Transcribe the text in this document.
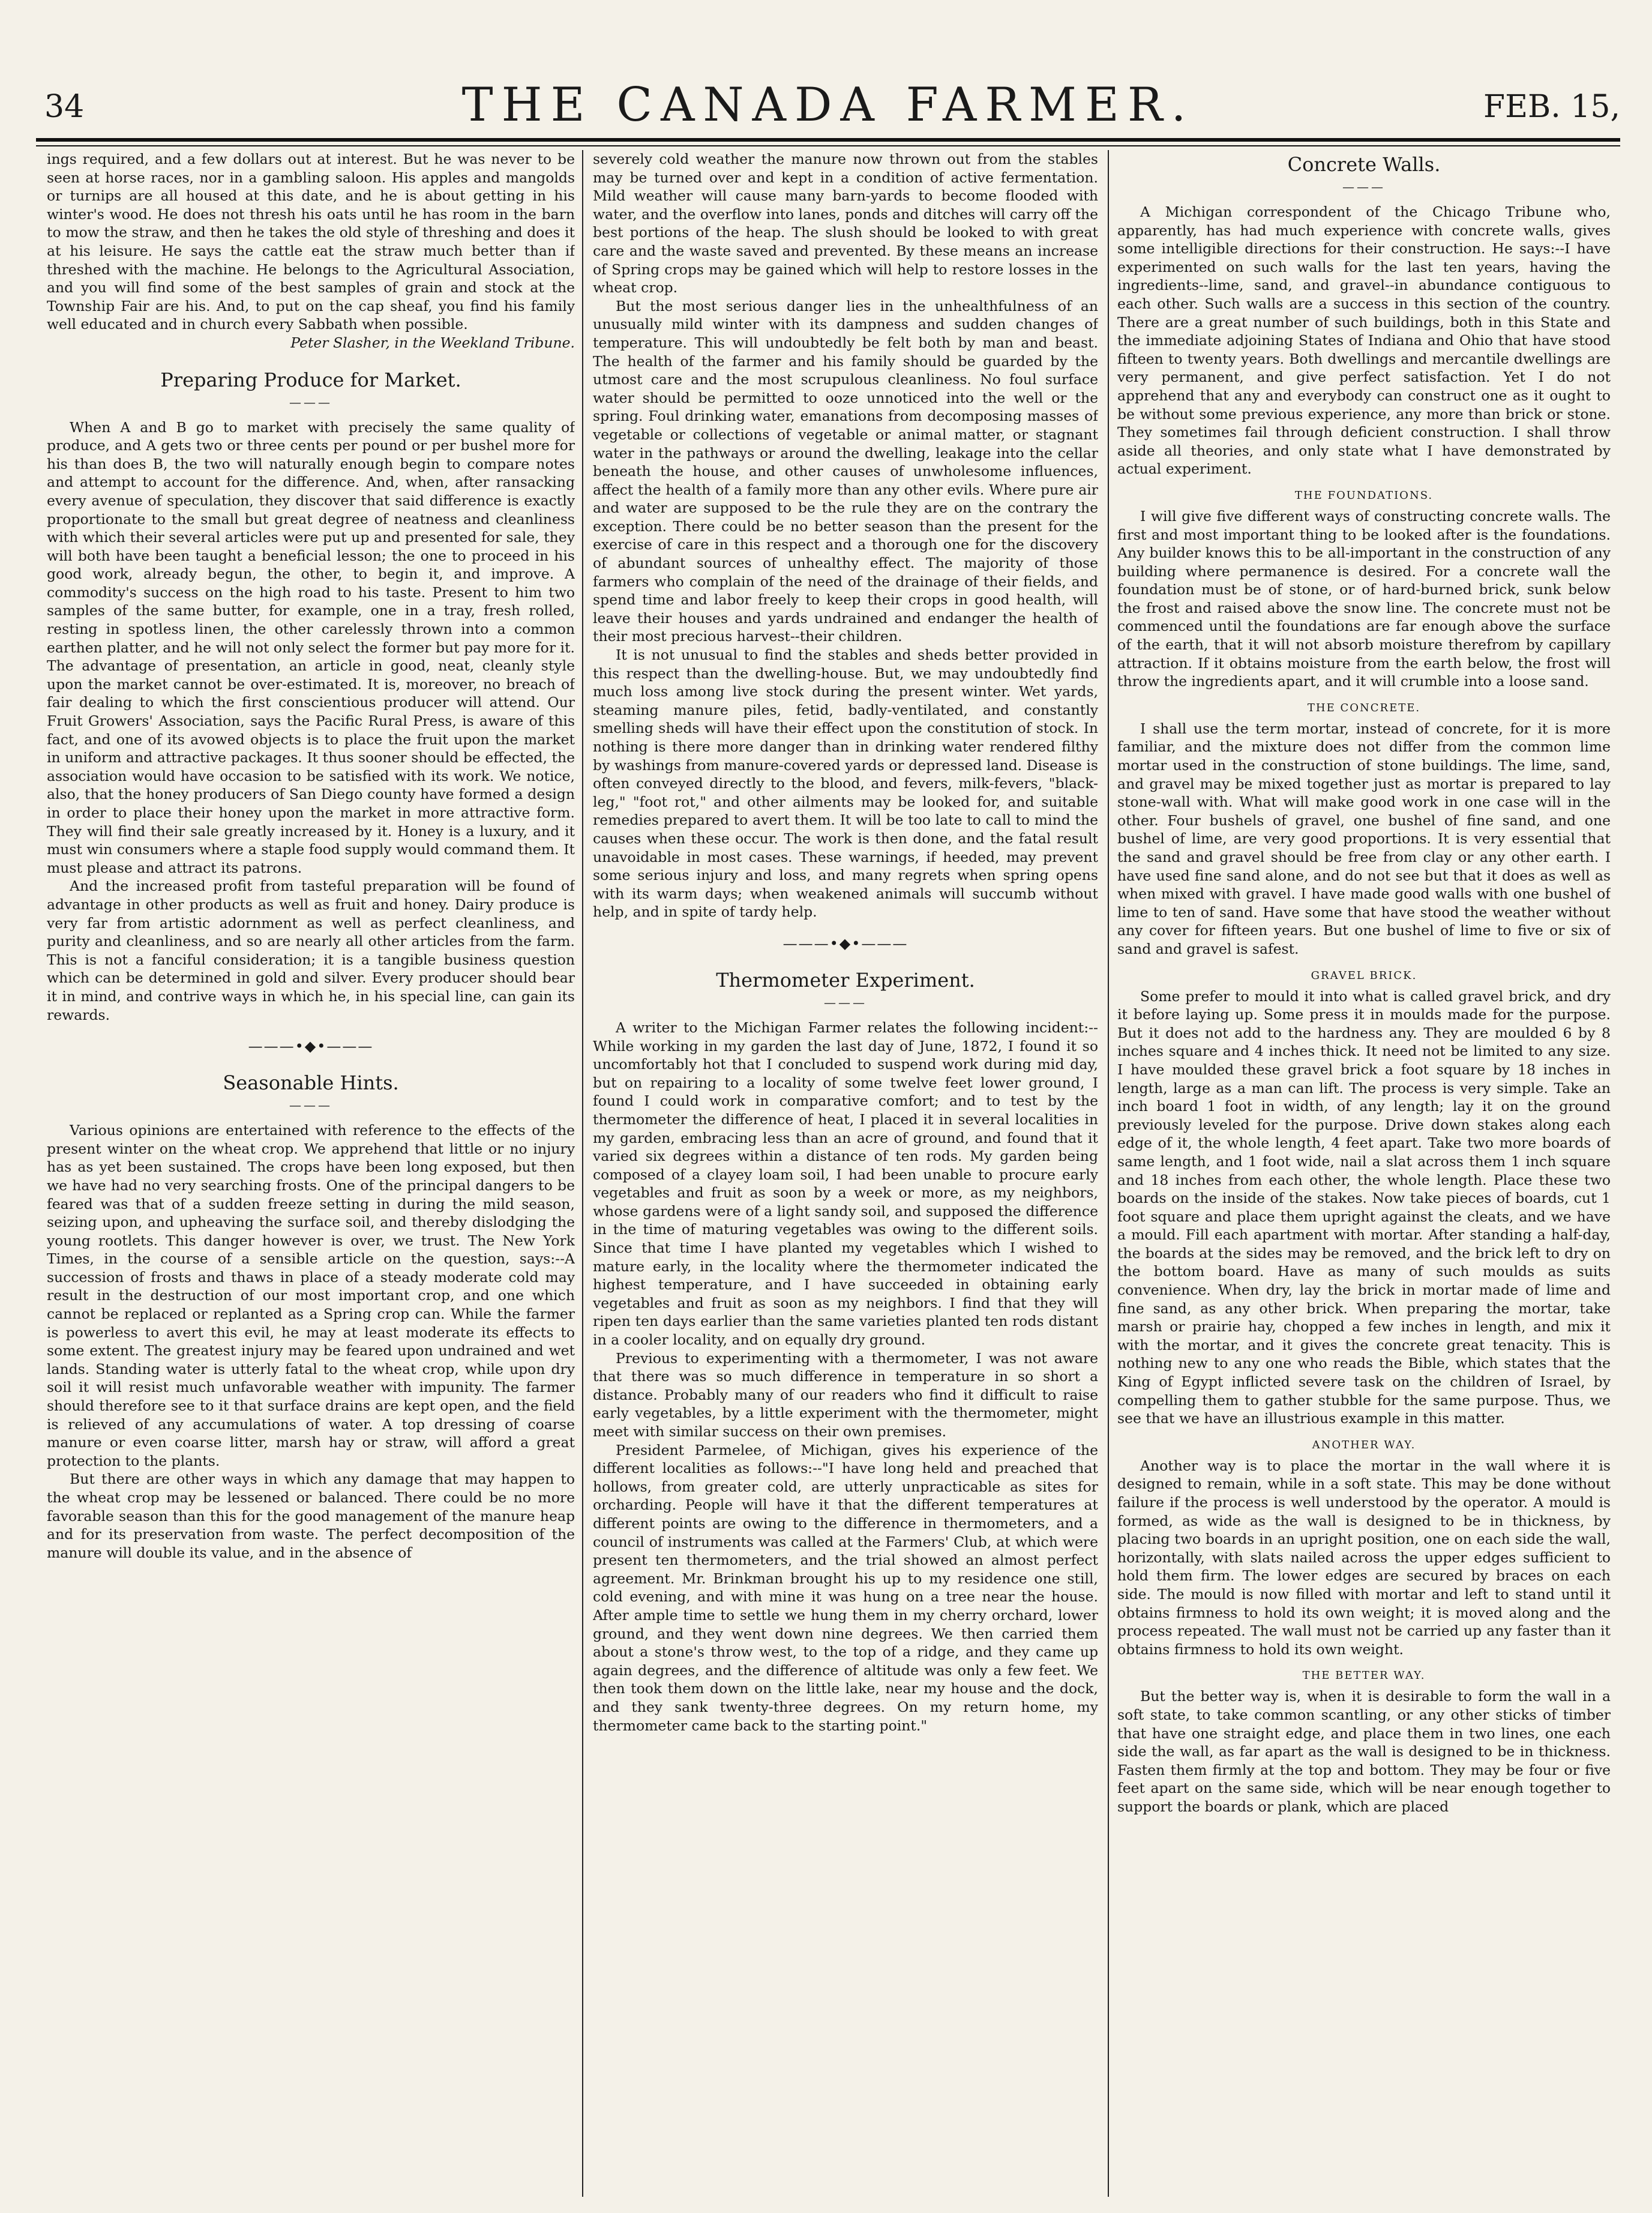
34	THE CANADA FARMER.	FEB. 15,

ings required, and a few dollars out at interest. But he was never to be seen at horse races, nor in a gambling saloon. His apples and mangolds or turnips are all housed at this date, and he is about getting in his winter's wood. He does not thresh his oats until he has room in the barn to mow the straw, and then he takes the old style of threshing and does it at his leisure. He says the cattle eat the straw much better than if threshed with the machine. He belongs to the Agricultural Association, and you will find some of the best samples of grain and stock at the Township Fair are his. And, to put on the cap sheaf, you find his family well educated and in church every Sabbath when possible.

Peter Slasher, in the Weekland Tribune.

Preparing Produce for Market.
———

When A and B go to market with precisely the same quality of produce, and A gets two or three cents per pound or per bushel more for his than does B, the two will naturally enough begin to compare notes and attempt to account for the difference. And, when, after ransacking every avenue of speculation, they discover that said difference is exactly proportionate to the small but great degree of neatness and cleanliness with which their several articles were put up and presented for sale, they will both have been taught a beneficial lesson; the one to proceed in his good work, already begun, the other, to begin it, and improve. A commodity's success on the high road to his taste. Present to him two samples of the same butter, for example, one in a tray, fresh rolled, resting in spotless linen, the other carelessly thrown into a common earthen platter, and he will not only select the former but pay more for it. The advantage of presentation, an article in good, neat, cleanly style upon the market cannot be over-estimated. It is, moreover, no breach of fair dealing to which the first conscientious producer will attend. Our Fruit Growers' Association, says the Pacific Rural Press, is aware of this fact, and one of its avowed objects is to place the fruit upon the market in uniform and attractive packages. It thus sooner should be effected, the association would have occasion to be satisfied with its work. We notice, also, that the honey producers of San Diego county have formed a design in order to place their honey upon the market in more attractive form. They will find their sale greatly increased by it. Honey is a luxury, and it must win consumers where a staple food supply would command them. It must please and attract its patrons.

And the increased profit from tasteful preparation will be found of advantage in other products as well as fruit and honey. Dairy produce is very far from artistic adornment as well as perfect cleanliness, and purity and cleanliness, and so are nearly all other articles from the farm. This is not a fanciful consideration; it is a tangible business question which can be determined in gold and silver. Every producer should bear it in mind, and contrive ways in which he, in his special line, can gain its rewards.

———•◆•———
Seasonable Hints.
———

Various opinions are entertained with reference to the effects of the present winter on the wheat crop. We apprehend that little or no injury has as yet been sustained. The crops have been long exposed, but then we have had no very searching frosts. One of the principal dangers to be feared was that of a sudden freeze setting in during the mild season, seizing upon, and upheaving the surface soil, and thereby dislodging the young rootlets. This danger however is over, we trust. The New York Times, in the course of a sensible article on the question, says:--A succession of frosts and thaws in place of a steady moderate cold may result in the destruction of our most important crop, and one which cannot be replaced or replanted as a Spring crop can. While the farmer is powerless to avert this evil, he may at least moderate its effects to some extent. The greatest injury may be feared upon undrained and wet lands. Standing water is utterly fatal to the wheat crop, while upon dry soil it will resist much unfavorable weather with impunity. The farmer should therefore see to it that surface drains are kept open, and the field is relieved of any accumulations of water. A top dressing of coarse manure or even coarse litter, marsh hay or straw, will afford a great protection to the plants.

But there are other ways in which any damage that may happen to the wheat crop may be lessened or balanced. There could be no more favorable season than this for the good management of the manure heap and for its preservation from waste. The perfect decomposition of the manure will double its value, and in the absence of

severely cold weather the manure now thrown out from the stables may be turned over and kept in a condition of active fermentation. Mild weather will cause many barn-yards to become flooded with water, and the overflow into lanes, ponds and ditches will carry off the best portions of the heap. The slush should be looked to with great care and the waste saved and prevented. By these means an increase of Spring crops may be gained which will help to restore losses in the wheat crop.

But the most serious danger lies in the unhealthfulness of an unusually mild winter with its dampness and sudden changes of temperature. This will undoubtedly be felt both by man and beast. The health of the farmer and his family should be guarded by the utmost care and the most scrupulous cleanliness. No foul surface water should be permitted to ooze unnoticed into the well or the spring. Foul drinking water, emanations from decomposing masses of vegetable or collections of vegetable or animal matter, or stagnant water in the pathways or around the dwelling, leakage into the cellar beneath the house, and other causes of unwholesome influences, affect the health of a family more than any other evils. Where pure air and water are supposed to be the rule they are on the contrary the exception. There could be no better season than the present for the exercise of care in this respect and a thorough one for the discovery of abundant sources of unhealthy effect. The majority of those farmers who complain of the need of the drainage of their fields, and spend time and labor freely to keep their crops in good health, will leave their houses and yards undrained and endanger the health of their most precious harvest--their children.

It is not unusual to find the stables and sheds better provided in this respect than the dwelling-house. But, we may undoubtedly find much loss among live stock during the present winter. Wet yards, steaming manure piles, fetid, badly-ventilated, and constantly smelling sheds will have their effect upon the constitution of stock. In nothing is there more danger than in drinking water rendered filthy by washings from manure-covered yards or depressed land. Disease is often conveyed directly to the blood, and fevers, milk-fevers, "black-leg," "foot rot," and other ailments may be looked for, and suitable remedies prepared to avert them. It will be too late to call to mind the causes when these occur. The work is then done, and the fatal result unavoidable in most cases. These warnings, if heeded, may prevent some serious injury and loss, and many regrets when spring opens with its warm days; when weakened animals will succumb without help, and in spite of tardy help.

———•◆•———
Thermometer Experiment.
———

A writer to the Michigan Farmer relates the following incident:--While working in my garden the last day of June, 1872, I found it so uncomfortably hot that I concluded to suspend work during mid day, but on repairing to a locality of some twelve feet lower ground, I found I could work in comparative comfort; and to test by the thermometer the difference of heat, I placed it in several localities in my garden, embracing less than an acre of ground, and found that it varied six degrees within a distance of ten rods. My garden being composed of a clayey loam soil, I had been unable to procure early vegetables and fruit as soon by a week or more, as my neighbors, whose gardens were of a light sandy soil, and supposed the difference in the time of maturing vegetables was owing to the different soils. Since that time I have planted my vegetables which I wished to mature early, in the locality where the thermometer indicated the highest temperature, and I have succeeded in obtaining early vegetables and fruit as soon as my neighbors. I find that they will ripen ten days earlier than the same varieties planted ten rods distant in a cooler locality, and on equally dry ground.

Previous to experimenting with a thermometer, I was not aware that there was so much difference in temperature in so short a distance. Probably many of our readers who find it difficult to raise early vegetables, by a little experiment with the thermometer, might meet with similar success on their own premises.

President Parmelee, of Michigan, gives his experience of the different localities as follows:--"I have long held and preached that hollows, from greater cold, are utterly unpracticable as sites for orcharding. People will have it that the different temperatures at different points are owing to the difference in thermometers, and a council of instruments was called at the Farmers' Club, at which were present ten thermometers, and the trial showed an almost perfect agreement. Mr. Brinkman brought his up to my residence one still, cold evening, and with mine it was hung on a tree near the house. After ample time to settle we hung them in my cherry orchard, lower ground, and they went down nine degrees. We then carried them about a stone's throw west, to the top of a ridge, and they came up again degrees, and the difference of altitude was only a few feet. We then took them down on the little lake, near my house and the dock, and they sank twenty-three degrees. On my return home, my thermometer came back to the starting point."

Concrete Walls.
———

A Michigan correspondent of the Chicago Tribune who, apparently, has had much experience with concrete walls, gives some intelligible directions for their construction. He says:--I have experimented on such walls for the last ten years, having the ingredients--lime, sand, and gravel--in abundance contiguous to each other. Such walls are a success in this section of the country. There are a great number of such buildings, both in this State and the immediate adjoining States of Indiana and Ohio that have stood fifteen to twenty years. Both dwellings and mercantile dwellings are very permanent, and give perfect satisfaction. Yet I do not apprehend that any and everybody can construct one as it ought to be without some previous experience, any more than brick or stone. They sometimes fail through deficient construction. I shall throw aside all theories, and only state what I have demonstrated by actual experiment.

THE FOUNDATIONS.

I will give five different ways of constructing concrete walls. The first and most important thing to be looked after is the foundations. Any builder knows this to be all-important in the construction of any building where permanence is desired. For a concrete wall the foundation must be of stone, or of hard-burned brick, sunk below the frost and raised above the snow line. The concrete must not be commenced until the foundations are far enough above the surface of the earth, that it will not absorb moisture therefrom by capillary attraction. If it obtains moisture from the earth below, the frost will throw the ingredients apart, and it will crumble into a loose sand.

THE CONCRETE.

I shall use the term mortar, instead of concrete, for it is more familiar, and the mixture does not differ from the common lime mortar used in the construction of stone buildings. The lime, sand, and gravel may be mixed together just as mortar is prepared to lay stone-wall with. What will make good work in one case will in the other. Four bushels of gravel, one bushel of fine sand, and one bushel of lime, are very good proportions. It is very essential that the sand and gravel should be free from clay or any other earth. I have used fine sand alone, and do not see but that it does as well as when mixed with gravel. I have made good walls with one bushel of lime to ten of sand. Have some that have stood the weather without any cover for fifteen years. But one bushel of lime to five or six of sand and gravel is safest.

GRAVEL BRICK.

Some prefer to mould it into what is called gravel brick, and dry it before laying up. Some press it in moulds made for the purpose. But it does not add to the hardness any. They are moulded 6 by 8 inches square and 4 inches thick. It need not be limited to any size. I have moulded these gravel brick a foot square by 18 inches in length, large as a man can lift. The process is very simple. Take an inch board 1 foot in width, of any length; lay it on the ground previously leveled for the purpose. Drive down stakes along each edge of it, the whole length, 4 feet apart. Take two more boards of same length, and 1 foot wide, nail a slat across them 1 inch square and 18 inches from each other, the whole length. Place these two boards on the inside of the stakes. Now take pieces of boards, cut 1 foot square and place them upright against the cleats, and we have a mould. Fill each apartment with mortar. After standing a half-day, the boards at the sides may be removed, and the brick left to dry on the bottom board. Have as many of such moulds as suits convenience. When dry, lay the brick in mortar made of lime and fine sand, as any other brick. When preparing the mortar, take marsh or prairie hay, chopped a few inches in length, and mix it with the mortar, and it gives the concrete great tenacity. This is nothing new to any one who reads the Bible, which states that the King of Egypt inflicted severe task on the children of Israel, by compelling them to gather stubble for the same purpose. Thus, we see that we have an illustrious example in this matter.

ANOTHER WAY.

Another way is to place the mortar in the wall where it is designed to remain, while in a soft state. This may be done without failure if the process is well understood by the operator. A mould is formed, as wide as the wall is designed to be in thickness, by placing two boards in an upright position, one on each side the wall, horizontally, with slats nailed across the upper edges sufficient to hold them firm. The lower edges are secured by braces on each side. The mould is now filled with mortar and left to stand until it obtains firmness to hold its own weight; it is moved along and the process repeated. The wall must not be carried up any faster than it obtains firmness to hold its own weight.

THE BETTER WAY.

But the better way is, when it is desirable to form the wall in a soft state, to take common scantling, or any other sticks of timber that have one straight edge, and place them in two lines, one each side the wall, as far apart as the wall is designed to be in thickness. Fasten them firmly at the top and bottom. They may be four or five feet apart on the same side, which will be near enough together to support the boards or plank, which are placed
